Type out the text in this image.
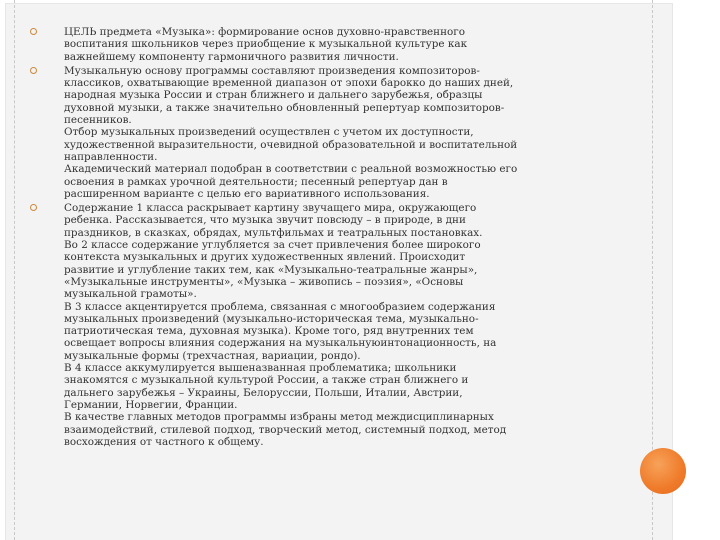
ЦЕЛЬ предмета «Музыка»: формирование основ духовно-нравственного
воспитания школьников через приобщение к музыкальной культуре как
важнейшему компоненту гармоничного развития личности.
Музыкальную основу программы составляют произведения композиторов-
классиков, охватывающие временной диапазон от эпохи барокко до наших дней,
народная музыка России и стран ближнего и дальнего зарубежья, образцы
духовной музыки, а также значительно обновленный репертуар композиторов-
песенников.
Отбор музыкальных произведений осуществлен с учетом их доступности,
художественной выразительности, очевидной образовательной и воспитательной
направленности.
Академический материал подобран в соответствии с реальной возможностью его
освоения в рамках урочной деятельности; песенный репертуар дан в
расширенном варианте с целью его вариативного использования.
Содержание 1 класса раскрывает картину звучащего мира, окружающего
ребенка. Рассказывается, что музыка звучит повсюду – в природе, в дни
праздников, в сказках, обрядах, мультфильмах и театральных постановках.
Во 2 классе содержание углубляется за счет привлечения более широкого
контекста музыкальных и других художественных явлений. Происходит
развитие и углубление таких тем, как «Музыкально-театральные жанры»,
«Музыкальные инструменты», «Музыка – живопись – поэзия», «Основы
музыкальной грамоты».
В 3 классе акцентируется проблема, связанная с многообразием содержания
музыкальных произведений (музыкально-историческая тема, музыкально-
патриотическая тема, духовная музыка). Кроме того, ряд внутренних тем
освещает вопросы влияния содержания на музыкальнуюинтонационность, на
музыкальные формы (трехчастная, вариации, рондо).
В 4 классе аккумулируется вышеназванная проблематика; школьники
знакомятся с музыкальной культурой России, а также стран ближнего и
дальнего зарубежья – Украины, Белоруссии, Польши, Италии, Австрии,
Германии, Норвегии, Франции.
В качестве главных методов программы избраны метод междисциплинарных
взаимодействий, стилевой подход, творческий метод, системный подход, метод
восхождения от частного к общему.
